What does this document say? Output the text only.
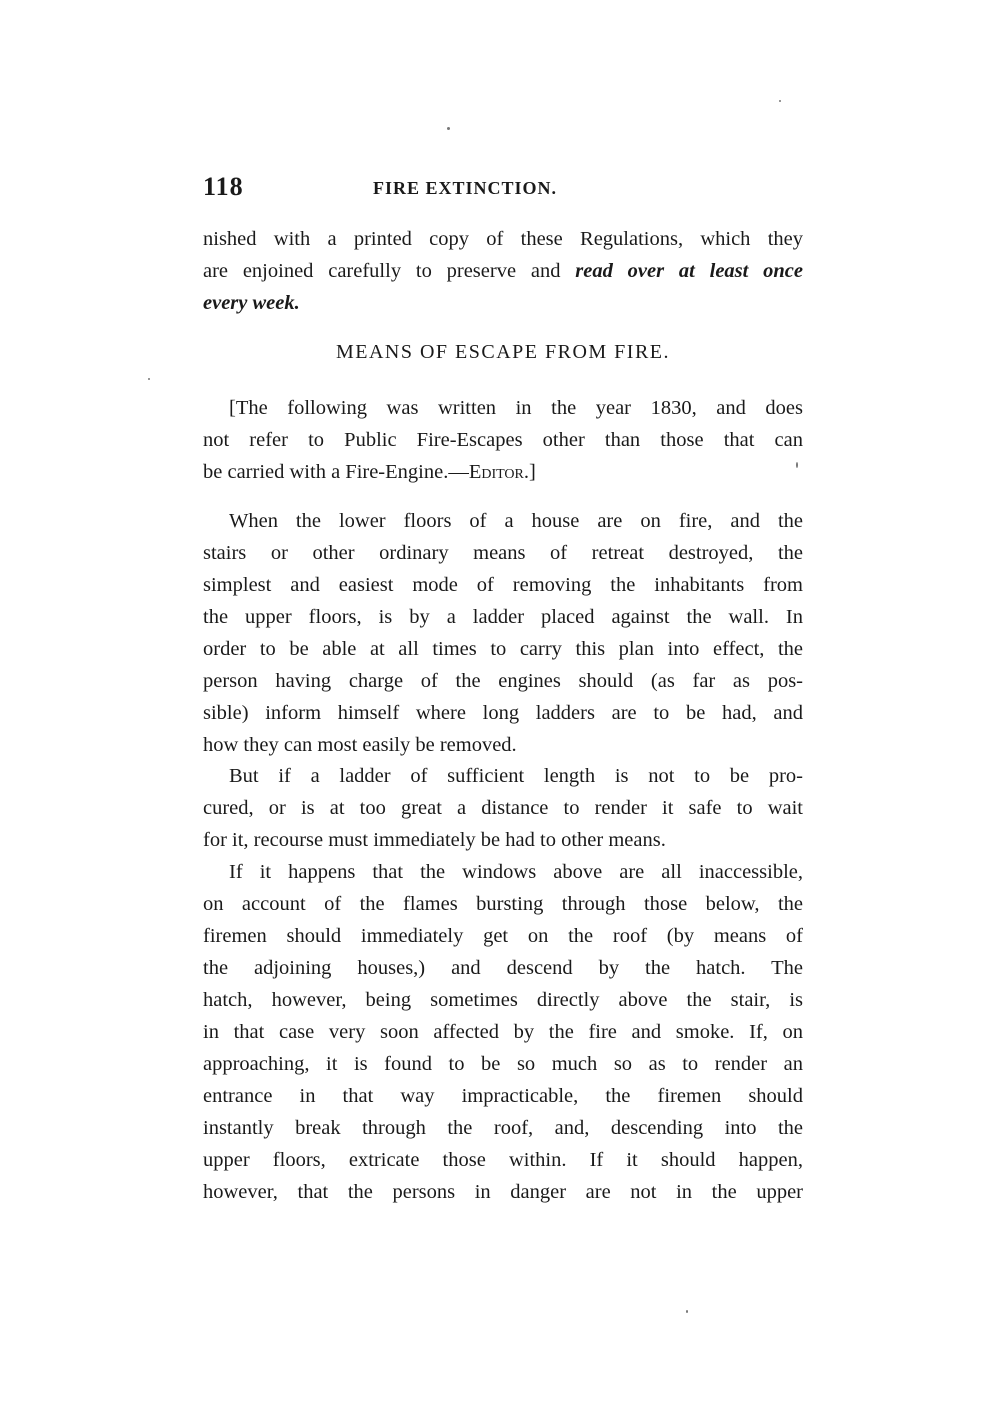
118	FIRE EXTINCTION.
nished with a printed copy of these Regulations, which they
are enjoined carefully to preserve and read over at least once
every week.
MEANS OF ESCAPE FROM FIRE.
[The following was written in the year 1830, and does
not refer to Public Fire-Escapes other than those that can
be carried with a Fire-Engine.—Editor.]
When the lower floors of a house are on fire, and the
stairs or other ordinary means of retreat destroyed, the
simplest and easiest mode of removing the inhabitants from
the upper floors, is by a ladder placed against the wall. In
order to be able at all times to carry this plan into effect, the
person having charge of the engines should (as far as pos-
sible) inform himself where long ladders are to be had, and
how they can most easily be removed.
But if a ladder of sufficient length is not to be pro-
cured, or is at too great a distance to render it safe to wait
for it, recourse must immediately be had to other means.
If it happens that the windows above are all inaccessible,
on account of the flames bursting through those below, the
firemen should immediately get on the roof (by means of
the adjoining houses,) and descend by the hatch. The
hatch, however, being sometimes directly above the stair, is
in that case very soon affected by the fire and smoke. If, on
approaching, it is found to be so much so as to render an
entrance in that way impracticable, the firemen should
instantly break through the roof, and, descending into the
upper floors, extricate those within. If it should happen,
however, that the persons in danger are not in the upper
